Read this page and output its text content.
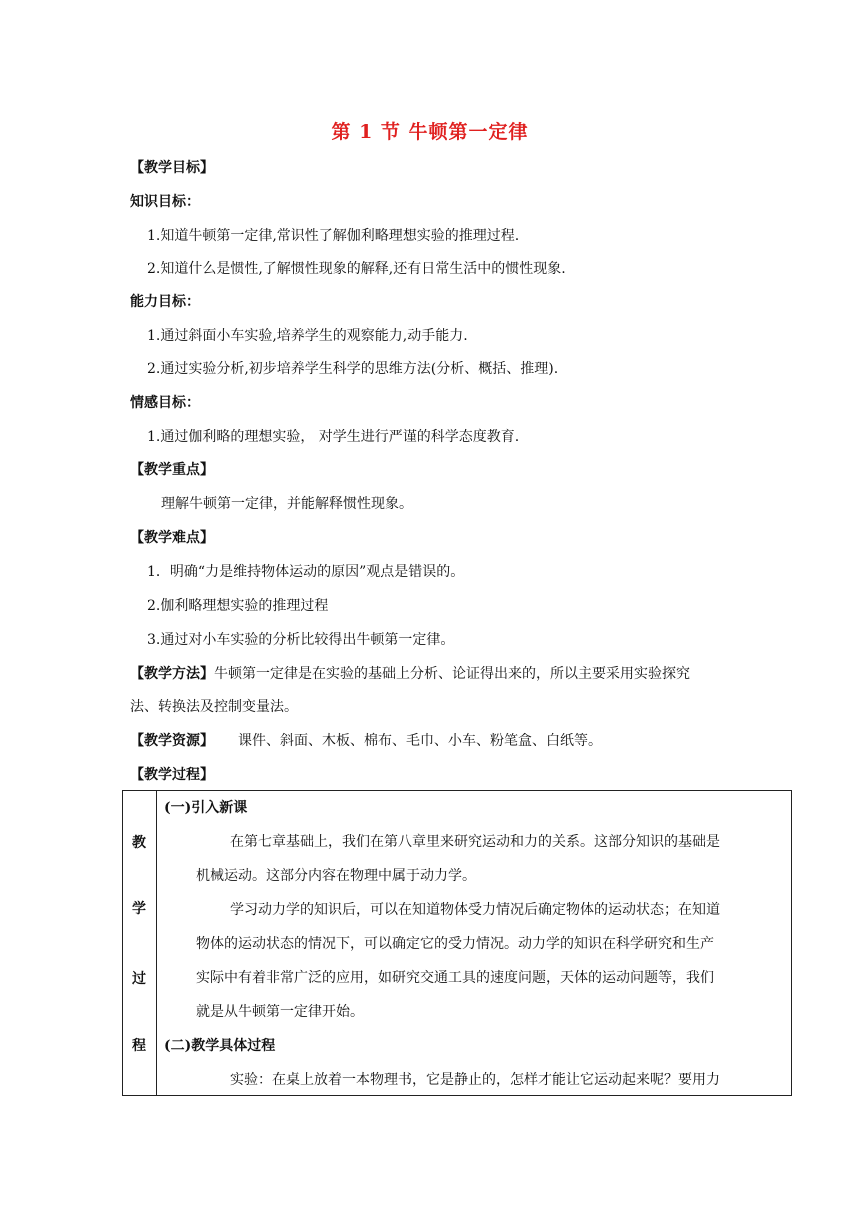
第 1 节 牛顿第一定律
【教学目标】
知识目标：
1.知道牛顿第一定律,常识性了解伽利略理想实验的推理过程.
2.知道什么是惯性,了解惯性现象的解释,还有日常生活中的惯性现象.
能力目标：
1.通过斜面小车实验,培养学生的观察能力,动手能力.
2.通过实验分析,初步培养学生科学的思维方法(分析、概括、推理).
情感目标：
1.通过伽利略的理想实验， 对学生进行严谨的科学态度教育.
【教学重点】
理解牛顿第一定律，并能解释惯性现象。
【教学难点】
1．明确“力是维持物体运动的原因”观点是错误的。
2.伽利略理想实验的推理过程
3.通过对小车实验的分析比较得出牛顿第一定律。
【教学方法】牛顿第一定律是在实验的基础上分析、论证得出来的，所以主要采用实验探究
法、转换法及控制变量法。
【教学资源】 课件、斜面、木板、棉布、毛巾、小车、粉笔盒、白纸等。
【教学过程】
教
学
过
程
(一)引入新课
在第七章基础上，我们在第八章里来研究运动和力的关系。这部分知识的基础是
机械运动。这部分内容在物理中属于动力学。
学习动力学的知识后，可以在知道物体受力情况后确定物体的运动状态；在知道
物体的运动状态的情况下，可以确定它的受力情况。动力学的知识在科学研究和生产
实际中有着非常广泛的应用，如研究交通工具的速度问题，天体的运动问题等，我们
就是从牛顿第一定律开始。
(二)教学具体过程
实验：在桌上放着一本物理书，它是静止的，怎样才能让它运动起来呢？要用力
